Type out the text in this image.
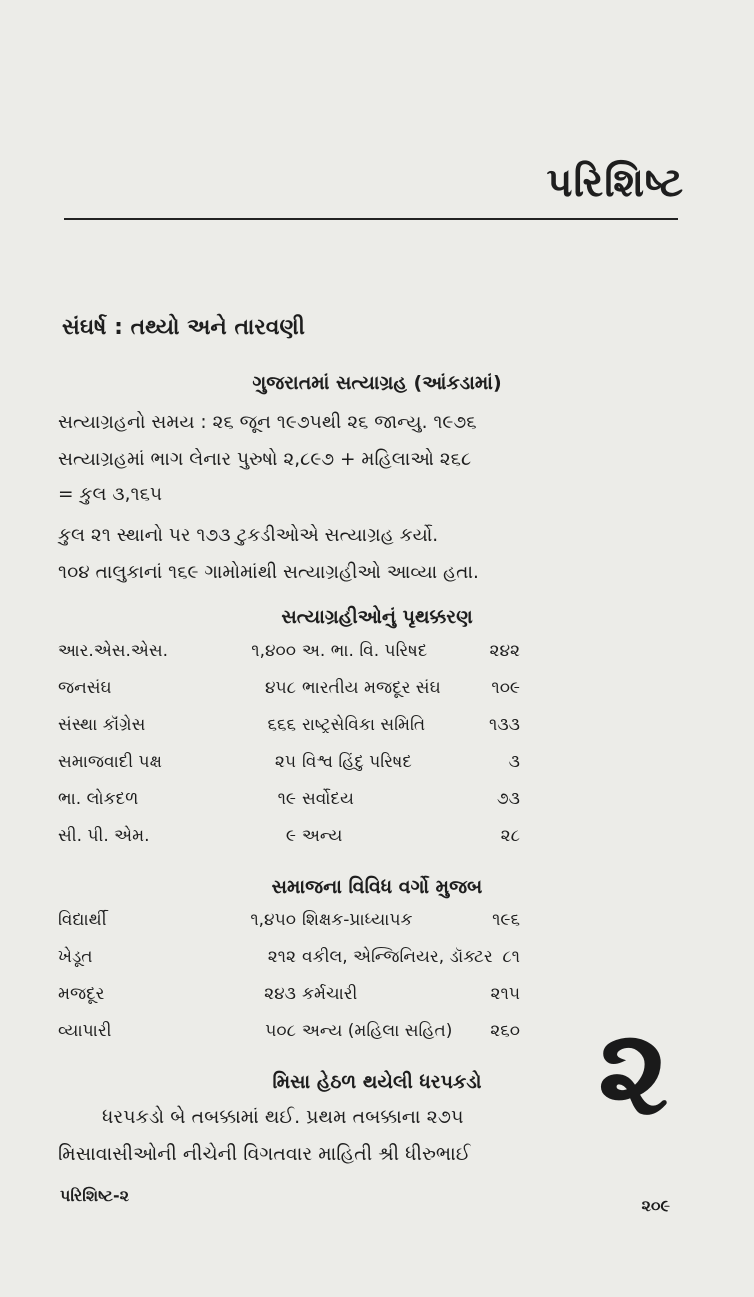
પરિશિષ્ટ
સંઘર્ષ : તથ્યો અને તારવણી
ગુજરાતમાં સત્યાગ્રહ (આંકડામાં)
સત્યાગ્રહનો સમય : ૨૬ જૂન ૧૯૭૫થી ૨૬ જાન્યુ. ૧૯૭૬
સત્યાગ્રહમાં ભાગ લેનાર પુરુષો ૨,૮૯૭ + મહિલાઓ ૨૬૮
= કુલ ૩,૧૬૫
કુલ ૨૧ સ્થાનો પર ૧૭૩ ટુકડીઓએ સત્યાગ્રહ કર્યો.
૧૦૪ તાલુકાનાં ૧૬૯ ગામોમાંથી સત્યાગ્રહીઓ આવ્યા હતા.
સત્યાગ્રહીઓનું પૃથક્કરણ
આર.એસ.એસ.	૧,૪૦૦ અ. ભા. વિ. પરિષદ	૨૪૨
જનસંઘ	૪૫૮ ભારતીય મજદૂર સંઘ	૧૦૯
સંસ્થા કૉંગ્રેસ	૬૬૬ રાષ્ટ્રસેવિકા સમિતિ	૧૩૩
સમાજવાદી પક્ષ	૨૫ વિશ્વ હિંદુ પરિષદ	૩
ભા. લોકદળ	૧૯ સર્વોદય	૭૩
સી. પી. એમ.	૯ અન્ય	૨૮
સમાજના વિવિધ વર્ગો મુજબ
વિદ્યાર્થી	૧,૪૫૦ શિક્ષક-પ્રાધ્યાપક	૧૯૬
ખેડૂત	૨૧૨ વકીલ, એન્જિનિયર, ડૉક્ટર ૮૧
મજદૂર	૨૪૩ કર્મચારી	૨૧૫
વ્યાપારી	૫૦૮ અન્ય (મહિલા સહિત) ૨૬૦
મિસા હેઠળ થયેલી ધરપકડો
ધરપકડો બે તબક્કામાં થઈ. પ્રથમ તબક્કાના ૨૭૫
મિસાવાસીઓની નીચેની વિગતવાર માહિતી શ્રી ધીરુભાઈ
૨
પરિશિષ્ટ-૨
૨૦૯
